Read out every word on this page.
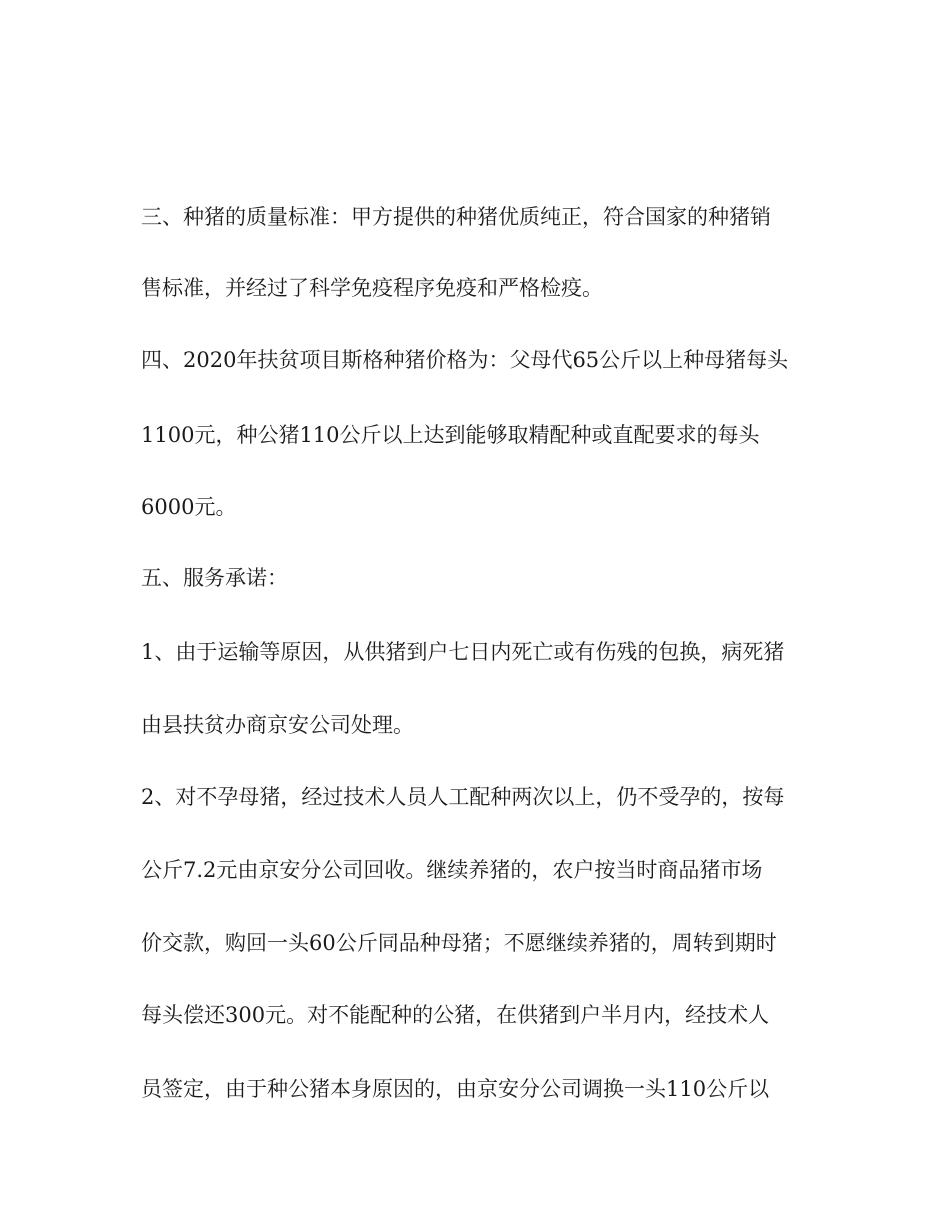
三、种猪的质量标准：甲方提供的种猪优质纯正，符合国家的种猪销
售标准，并经过了科学免疫程序免疫和严格检疫。
四、2020年扶贫项目斯格种猪价格为：父母代65公斤以上种母猪每头
1100元，种公猪110公斤以上达到能够取精配种或直配要求的每头
6000元。
五、服务承诺：
1、由于运输等原因，从供猪到户七日内死亡或有伤残的包换，病死猪
由县扶贫办商京安公司处理。
2、对不孕母猪，经过技术人员人工配种两次以上，仍不受孕的，按每
公斤7.2元由京安分公司回收。继续养猪的，农户按当时商品猪市场
价交款，购回一头60公斤同品种母猪；不愿继续养猪的，周转到期时
每头偿还300元。对不能配种的公猪，在供猪到户半月内，经技术人
员签定，由于种公猪本身原因的，由京安分公司调换一头110公斤以
